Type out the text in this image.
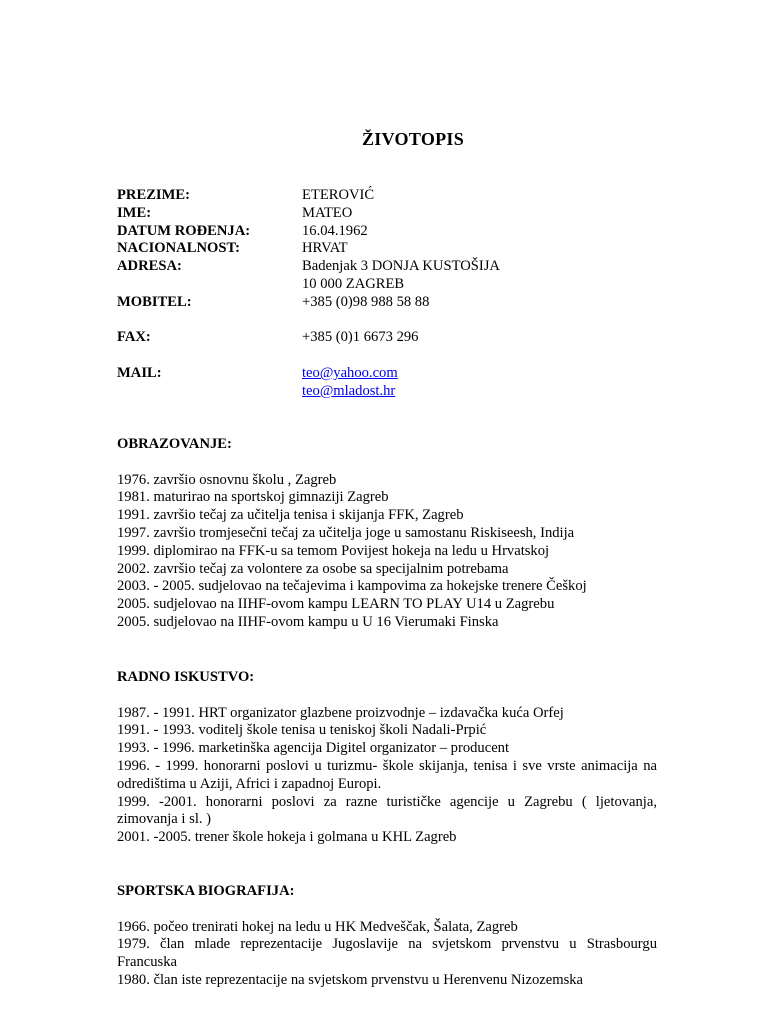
ŽIVOTOPIS
PREZIME:	ETEROVIĆ
IME:	MATEO
DATUM ROĐENJA:	16.04.1962
NACIONALNOST:	HRVAT
ADRESA:	Badenjak 3 DONJA KUSTOŠIJA
10 000 ZAGREB
MOBITEL:	+385 (0)98 988 58 88
FAX:	+385 (0)1 6673 296
MAIL:	teo@yahoo.com
teo@mladost.hr
OBRAZOVANJE:
1976. završio osnovnu školu , Zagreb
1981. maturirao na sportskoj gimnaziji Zagreb
1991. završio tečaj za učitelja tenisa i skijanja FFK, Zagreb
1997. završio tromjesečni tečaj za učitelja joge u samostanu Riskiseesh, Indija
1999. diplomirao na FFK-u sa temom Povijest hokeja na ledu u Hrvatskoj
2002. završio tečaj za volontere za osobe sa specijalnim potrebama
2003. - 2005. sudjelovao na tečajevima i kampovima za hokejske trenere Češkoj
2005. sudjelovao na IIHF-ovom kampu LEARN TO PLAY U14 u Zagrebu
2005. sudjelovao na IIHF-ovom kampu u U 16 Vierumaki Finska
RADNO ISKUSTVO:
1987. - 1991. HRT organizator glazbene proizvodnje – izdavačka kuća Orfej
1991. - 1993. voditelj škole tenisa u teniskoj školi Nadali-Prpić
1993. - 1996. marketinška agencija Digitel organizator – producent
1996. - 1999. honorarni poslovi u turizmu- škole skijanja, tenisa i sve vrste animacija na odredištima u Aziji, Africi i zapadnoj Europi.
1999. -2001. honorarni poslovi za razne turističke agencije u Zagrebu ( ljetovanja, zimovanja i sl. )
2001. -2005. trener škole hokeja i golmana u KHL Zagreb
SPORTSKA BIOGRAFIJA:
1966. počeo trenirati hokej na ledu u HK Medveščak, Šalata, Zagreb
1979. član mlade reprezentacije Jugoslavije na svjetskom prvenstvu u Strasbourgu Francuska
1980. član iste reprezentacije na svjetskom prvenstvu u Herenvenu Nizozemska
